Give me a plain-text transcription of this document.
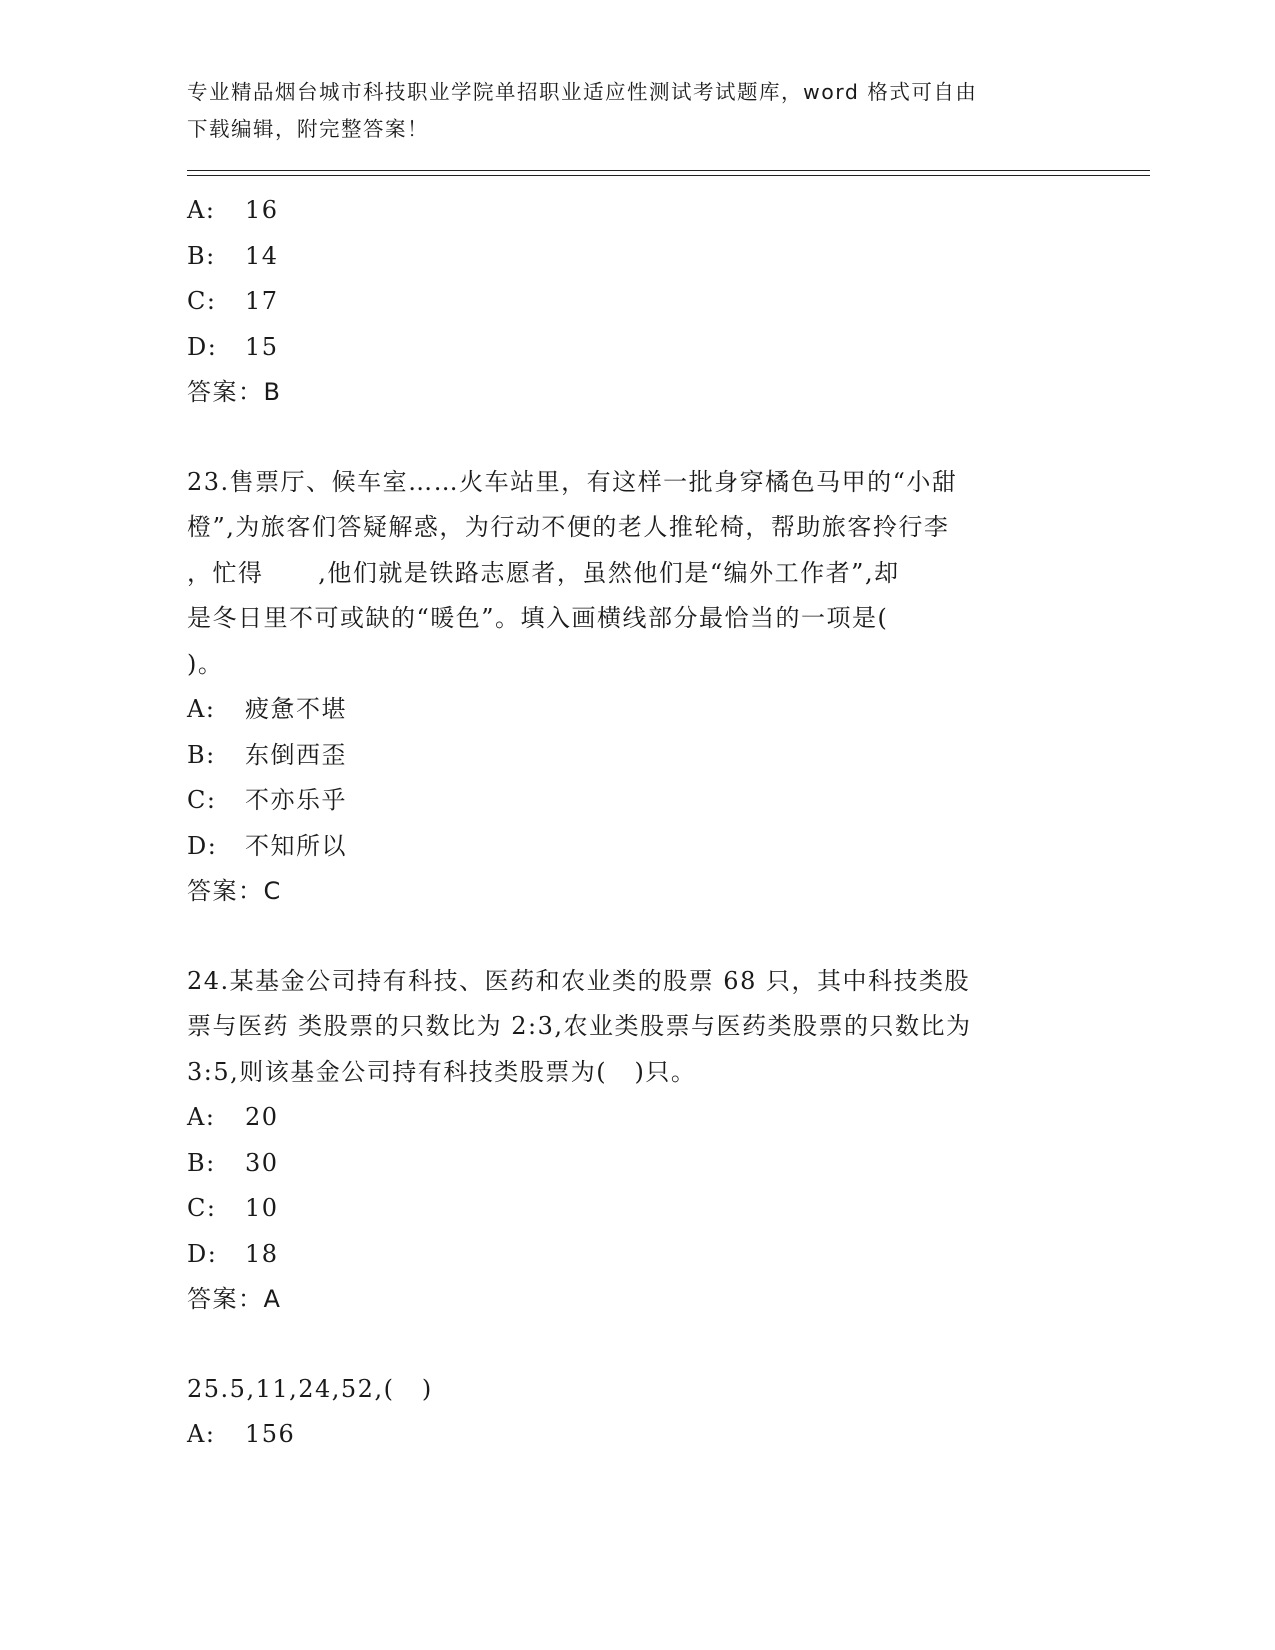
专业精品烟台城市科技职业学院单招职业适应性测试考试题库，word 格式可自由
下载编辑，附完整答案！
A: 16
B: 14
C: 17
D: 15
答案：B
23.售票厅、候车室……火车站里，有这样一批身穿橘色马甲的“小甜
橙”,为旅客们答疑解惑，为行动不便的老人推轮椅，帮助旅客拎行李
，忙得      ,他们就是铁路志愿者，虽然他们是“编外工作者”,却
是冬日里不可或缺的“暖色”。填入画横线部分最恰当的一项是(
)。
A: 疲惫不堪
B: 东倒西歪
C: 不亦乐乎
D: 不知所以
答案：C
24.某基金公司持有科技、医药和农业类的股票 68 只，其中科技类股
票与医药 类股票的只数比为 2:3,农业类股票与医药类股票的只数比为
3:5,则该基金公司持有科技类股票为(   )只。
A: 20
B: 30
C: 10
D: 18
答案：A
25.5,11,24,52,(   )
A: 156
